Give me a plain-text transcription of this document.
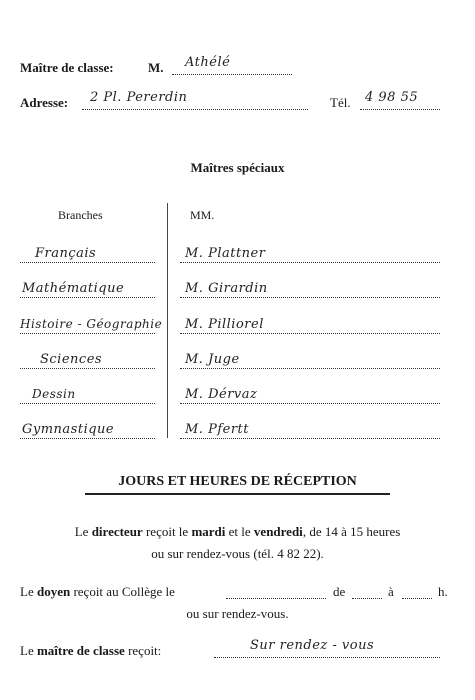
Maître de classe:	M. Athélé
Adresse: 2 Pl. Pererdin	Tél. 4 98 55
Maîtres spéciaux
Branches	MM.
Français	M. Plattner
Mathématique	M. Girardin
Histoire - Géographie M. Pilliorel
Sciences	M. Juge
Dessin	M. Dérvaz
Gymnastique	M. Pfertt
JOURS ET HEURES DE RÉCEPTION
Le directeur reçoit le mardi et le vendredi, de 14 à 15 heures
ou sur rendez-vous (tél. 4 82 22).
Le doyen reçoit au Collège le	de	à	h.
ou sur rendez-vous.
Le maître de classe reçoit:	Sur rendez - vous
